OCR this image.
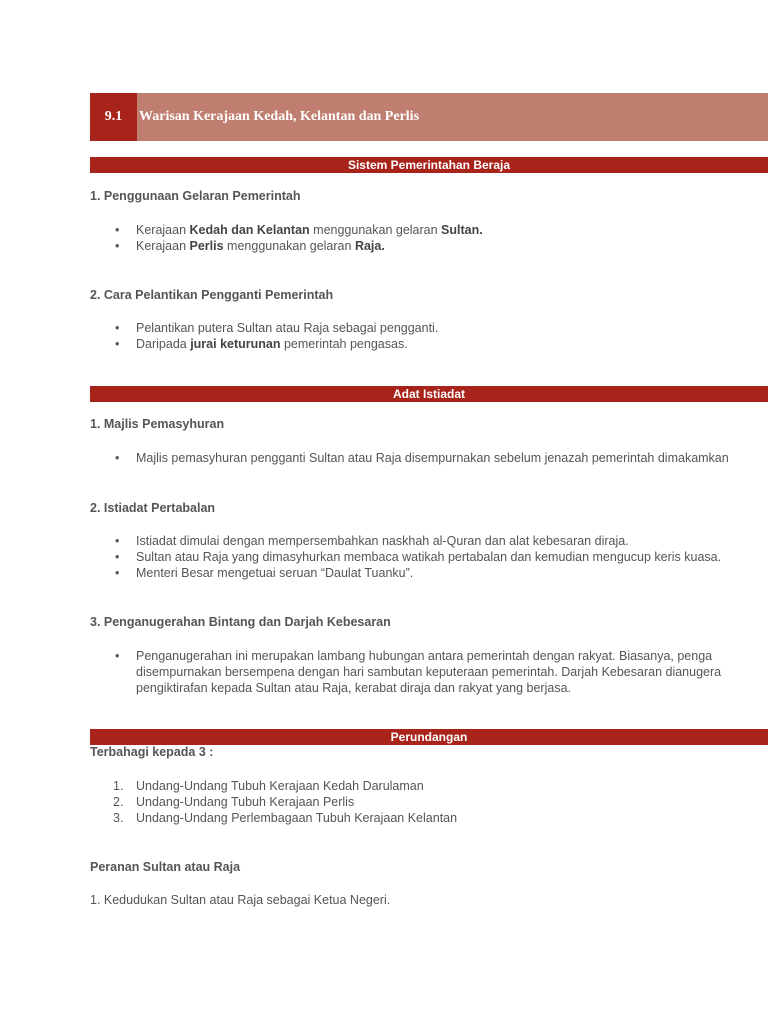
9.1	Warisan Kerajaan Kedah, Kelantan dan Perlis
Sistem Pemerintahan Beraja
1. Penggunaan Gelaran Pemerintah
• Kerajaan Kedah dan Kelantan menggunakan gelaran Sultan.
• Kerajaan Perlis menggunakan gelaran Raja.
2. Cara Pelantikan Pengganti Pemerintah
• Pelantikan putera Sultan atau Raja sebagai pengganti.
• Daripada jurai keturunan pemerintah pengasas.
Adat Istiadat
1. Majlis Pemasyhuran
• Majlis pemasyhuran pengganti Sultan atau Raja disempurnakan sebelum jenazah pemerintah dimakamkan
2. Istiadat Pertabalan
• Istiadat dimulai dengan mempersembahkan naskhah al-Quran dan alat kebesaran diraja.
• Sultan atau Raja yang dimasyhurkan membaca watikah pertabalan dan kemudian mengucup keris kuasa.
• Menteri Besar mengetuai seruan “Daulat Tuanku”.
3. Penganugerahan Bintang dan Darjah Kebesaran
• Penganugerahan ini merupakan lambang hubungan antara pemerintah dengan rakyat. Biasanya, penga
disempurnakan bersempena dengan hari sambutan keputeraan pemerintah. Darjah Kebesaran dianugera
pengiktirafan kepada Sultan atau Raja, kerabat diraja dan rakyat yang berjasa.
Perundangan
Terbahagi kepada 3 :
1. Undang-Undang Tubuh Kerajaan Kedah Darulaman
2. Undang-Undang Tubuh Kerajaan Perlis
3. Undang-Undang Perlembagaan Tubuh Kerajaan Kelantan
Peranan Sultan atau Raja
1. Kedudukan Sultan atau Raja sebagai Ketua Negeri.
